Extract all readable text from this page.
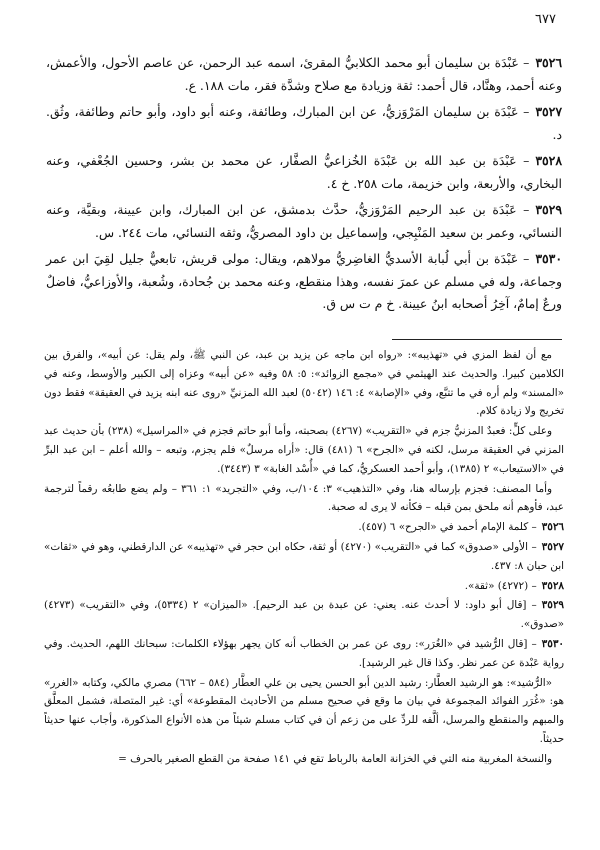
٦٧٧

٣٥٢٦– عَبْدَة بن سليمان أبو محمد الكلابيُّ المقرئ، اسمه عبد الرحمن، عن عاصم الأحول، والأعمش، وعنه أحمد، وهنَّاد، قال أحمد: ثقة وزيادة مع صلاح وشدَّة فقر، مات ١٨٨. ع.

٣٥٢٧– عَبْدَة بن سليمان المَرْوَزيُّ، عن ابن المبارك، وطائفة، وعنه أبو داود، وأبو حاتم وطائفة، وثُق. د.

٣٥٢٨– عَبْدَة بن عبد الله بن عَبْدَة الخُزاعيُّ الصفَّار، عن محمد بن بشر، وحسين الجُعْفي، وعنه البخاري، والأربعة، وابن خزيمة، مات ٢٥٨. خ ٤.

٣٥٢٩– عَبْدَة بن عبد الرحيم المَرْوَزيُّ، حدَّث بدمشق، عن ابن المبارك، وابن عيينة، وبقيَّة، وعنه النسائي، وعمر بن سعيد المَنْبِجي، وإسماعيل بن داود المصريُّ، وثقه النسائي، مات ٢٤٤. س.

٣٥٣٠– عَبْدَة بن أبي لُبابة الأسديُّ الغاضِريُّ مولاهم، ويقال: مولى قريش، تابعيٌّ جليل لقِيَ ابن عمر وجماعة، وله في مسلم عن عمرَ نفسه، وهذا منقطع، وعنه محمد بن جُحادة، وشُعبة، والأوزاعيُّ، فاضلٌ ورعٌ إمامٌ، آخِرُ أصحابه ابنُ عيينة. خ م ت س ق.

مع أن لفظ المزي في «تهذيبه»: «رواه ابن ماجه عن يزيد بن عبد، عن النبي ﷺ، ولم يقل: عن أبيه»، والفرق بين الكلامين كبيرا. والحديث عند الهيثمي في «مجمع الزوائد»: ٥: ٥٨ وفيه «عن أبيه» وعزاه إلى الكبير والأوسط، وعنه في «المسند» ولم أره في ما تتبَّع، وفي «الإصابة» ٤: ١٤٦ (٥٠٤٢) لعبد الله المزنيِّ «روى عنه ابنه يزيد في العقيقة» فقط دون تخريج ولا زيادة كلام.

وعلى كلٍّ: فعبدٌ المزنيُّ جزم في «التقريب» (٤٢٦٧) بصحبته، وأما أبو حاتم فجزم في «المراسيل» (٢٣٨) بأن حديث عبد المزني في العقيقة مرسل، لكنه في «الجرح» ٦ (٤٨١) قال: «أراه مرسلٌ» فلم يجزم، وتبعه – والله أعلم – ابن عبد البرِّ في «الاستيعاب» ٢ (١٣٨٥)، وأبو أحمد العسكريُّ، كما في «أُسْد الغابة» ٣ (٣٤٤٣).

وأما المصنف: فجزم بإرساله هنا، وفي «التذهيب» ٣: ١٠٤/ب، وفي «التجريد» ١: ٣٦١ – ولم يضع طابعُه رقماً لترجمة عبد، فأوهم أنه ملحق بمن قبله – فكأنه لا يرى له صحبة.

٣٥٢٦– كلمة الإمام أحمد في «الجرح» ٦ (٤٥٧).

٣٥٢٧– الأولى «صدوق» كما في «التقريب» (٤٢٧٠) أو ثقة، حكاه ابن حجر في «تهذيبه» عن الدارقطني، وهو في «ثقات» ابن حبان ٨: ٤٣٧.

٣٥٢٨– (٤٢٧٢) «ثقة».

٣٥٢٩– [قال أبو داود: لا أحدث عنه. يعني: عن عبدة بن عبد الرحيم]. «الميزان» ٢ (٥٣٣٤)، وفي «التقريب» (٤٢٧٣) «صدوق».

٣٥٣٠– [قال الرُّشيد في «الغُرَر»: روى عن عمر بن الخطاب أنه كان يجهر بهؤلاء الكلمات: سبحانك اللهم، الحديث. وفي رواية عَبْدة عن عمر نظر. وكذا قال غير الرشيد].

«الرُّشيد»: هو الرشيد العطَّار: رشيد الدين أبو الحسن يحيى بن علي العطَّار (٥٨٤ – ٦٦٢) مصري مالكي، وكتابه «الغرر» هو: «غُرَر الفوائد المجموعة في بيان ما وقع في صحيح مسلم من الأحاديث المقطوعة» أي: غير المتصلة، فشمل المعلَّق والمبهم والمنقطع والمرسل، ألَّفه للردِّ على من زعم أن في كتاب مسلم شيئاً من هذه الأنواع المذكورة، وأجاب عنها حديثاً حديثاً.

والنسخة المغربية منه التي في الخزانة العامة بالرباط تقع في ١٤١ صفحة من القطع الصغير بالحرف =
